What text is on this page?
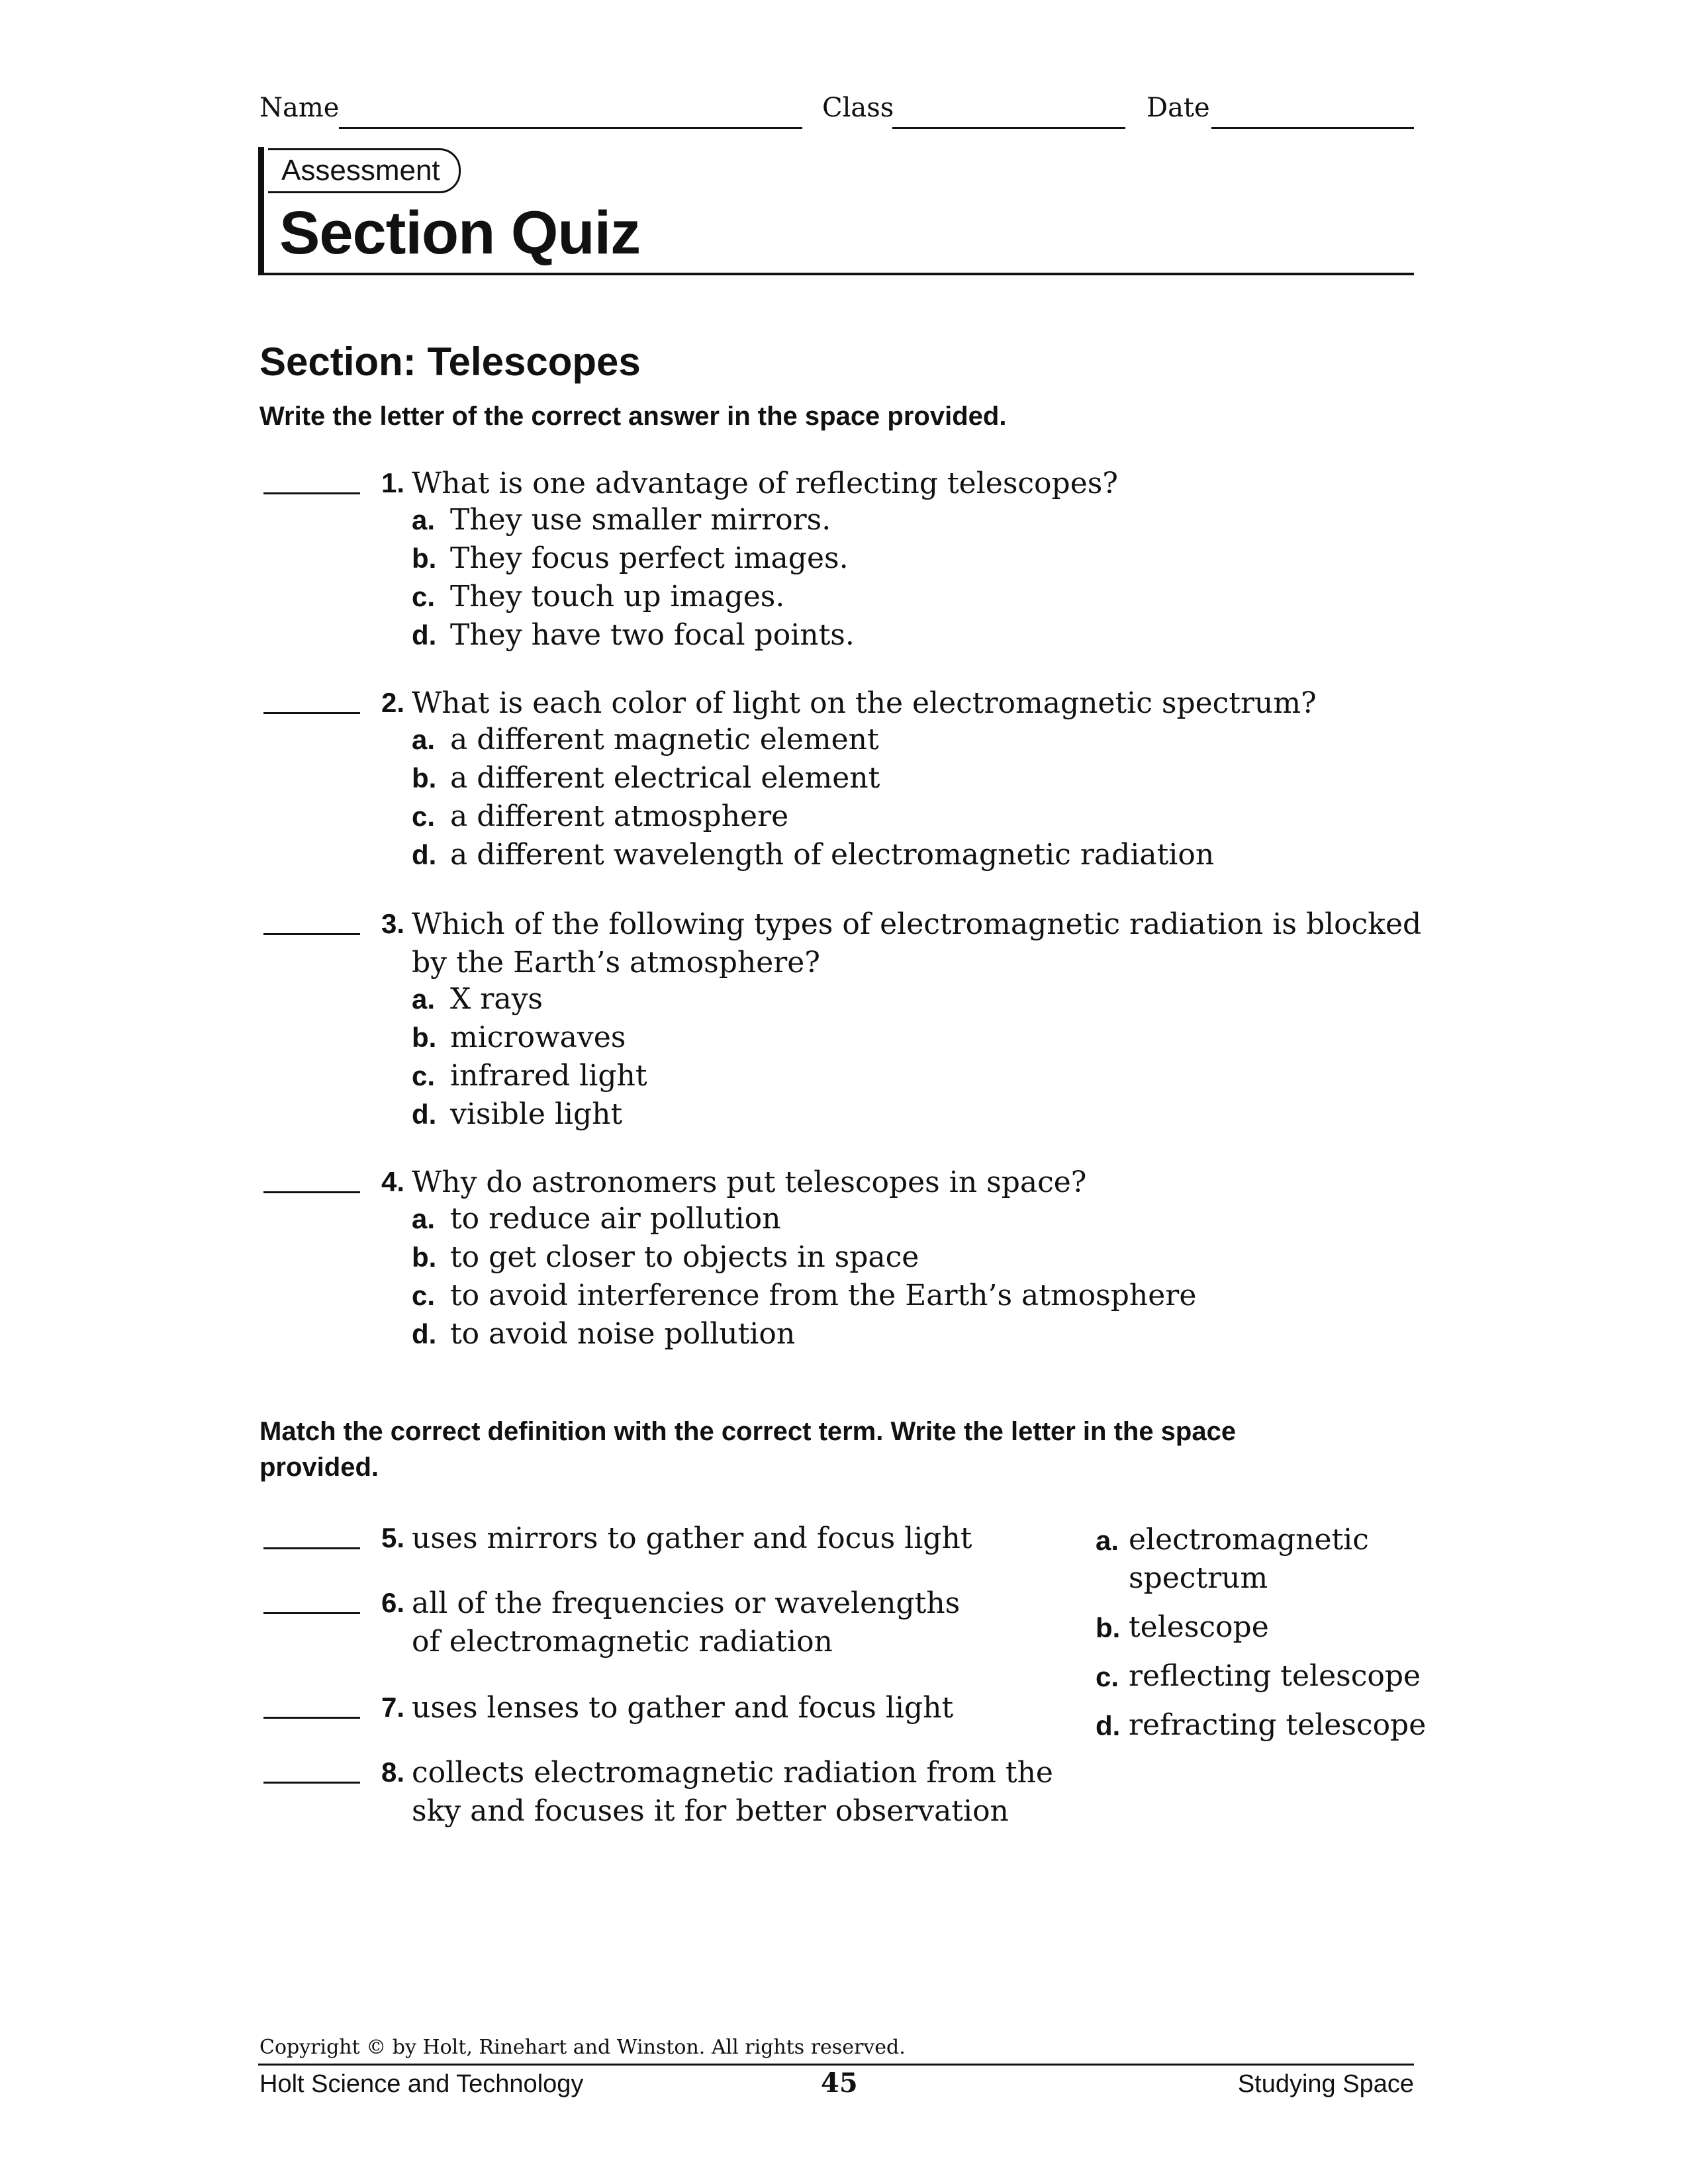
Name	Class	Date
Assessment
Section Quiz
Section: Telescopes
Write the letter of the correct answer in the space provided.
1. What is one advantage of reflecting telescopes?
a. They use smaller mirrors.
b. They focus perfect images.
c. They touch up images.
d. They have two focal points.
2. What is each color of light on the electromagnetic spectrum?
a. a different magnetic element
b. a different electrical element
c. a different atmosphere
d. a different wavelength of electromagnetic radiation
3. Which of the following types of electromagnetic radiation is blocked
by the Earth’s atmosphere?
a. X rays
b. microwaves
c. infrared light
d. visible light
4. Why do astronomers put telescopes in space?
a. to reduce air pollution
b. to get closer to objects in space
c. to avoid interference from the Earth’s atmosphere
d. to avoid noise pollution
Match the correct definition with the correct term. Write the letter in the space
provided.
5. uses mirrors to gather and focus light
6. all of the frequencies or wavelengths
of electromagnetic radiation
7. uses lenses to gather and focus light
8. collects electromagnetic radiation from the
sky and focuses it for better observation
a. electromagnetic
spectrum
b. telescope
c. reflecting telescope
d. refracting telescope
Copyright © by Holt, Rinehart and Winston. All rights reserved.
Holt Science and Technology	45	Studying Space
